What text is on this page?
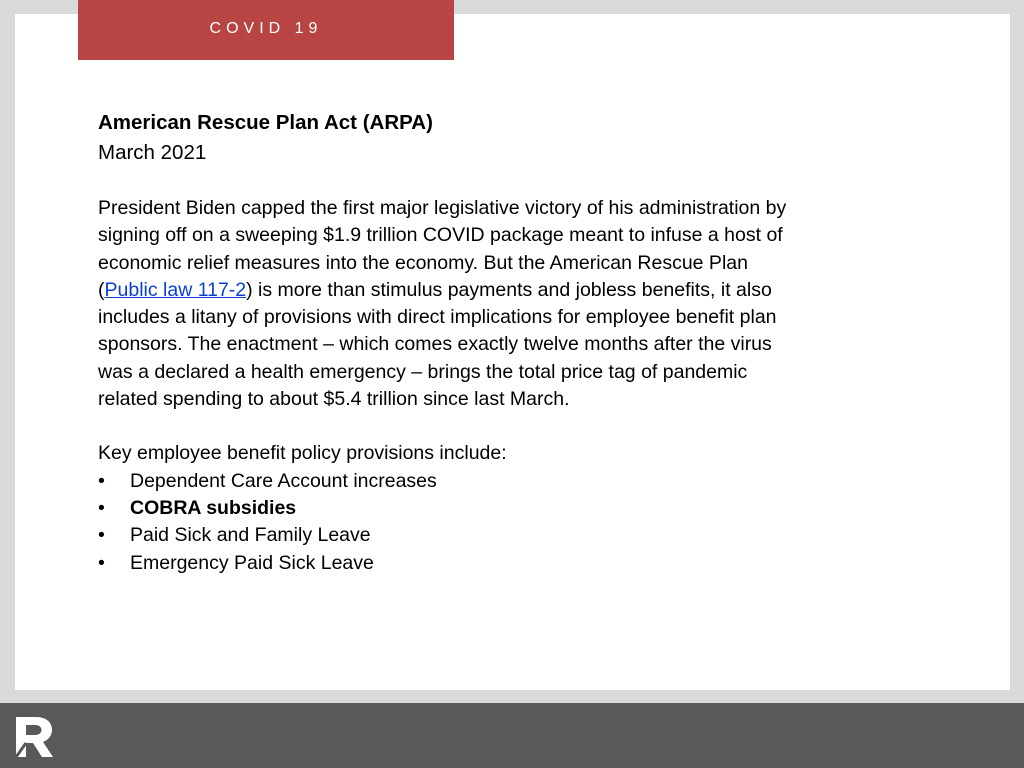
COVID 19
American Rescue Plan Act (ARPA)
March 2021

President Biden capped the first major legislative victory of his administration by signing off on a sweeping $1.9 trillion COVID package meant to infuse a host of economic relief measures into the economy. But the American Rescue Plan (Public law 117-2) is more than stimulus payments and jobless benefits, it also includes a litany of provisions with direct implications for employee benefit plan sponsors. The enactment – which comes exactly twelve months after the virus was a declared a health emergency – brings the total price tag of pandemic related spending to about $5.4 trillion since last March.

Key employee benefit policy provisions include:
• Dependent Care Account increases
• COBRA subsidies
• Paid Sick and Family Leave
• Emergency Paid Sick Leave
